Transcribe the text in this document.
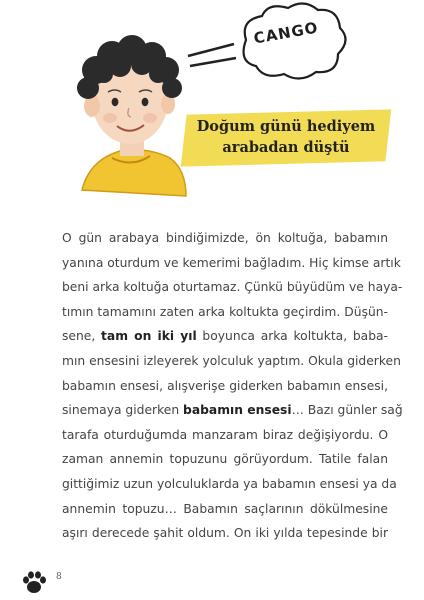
CANGO
Doğum günü hediyem
arabadan düştü
O gün arabaya bindiğimizde, ön koltuğa, babamın
yanına oturdum ve kemerimi bağladım. Hiç kimse artık
beni arka koltuğa oturtamaz. Çünkü büyüdüm ve haya-
tımın tamamını zaten arka koltukta geçirdim. Düşün-
sene, tam on iki yıl boyunca arka koltukta, baba-
mın ensesini izleyerek yolculuk yaptım. Okula giderken
babamın ensesi, alışverişe giderken babamın ensesi,
sinemaya giderken babamın ensesi… Bazı günler sağ
tarafa oturduğumda manzaram biraz değişiyordu. O
zaman annemin topuzunu görüyordum. Tatile falan
gittiğimiz uzun yolculuklarda ya babamın ensesi ya da
annemin topuzu… Babamın saçlarının dökülmesine
aşırı derecede şahit oldum. On iki yılda tepesinde bir
8
